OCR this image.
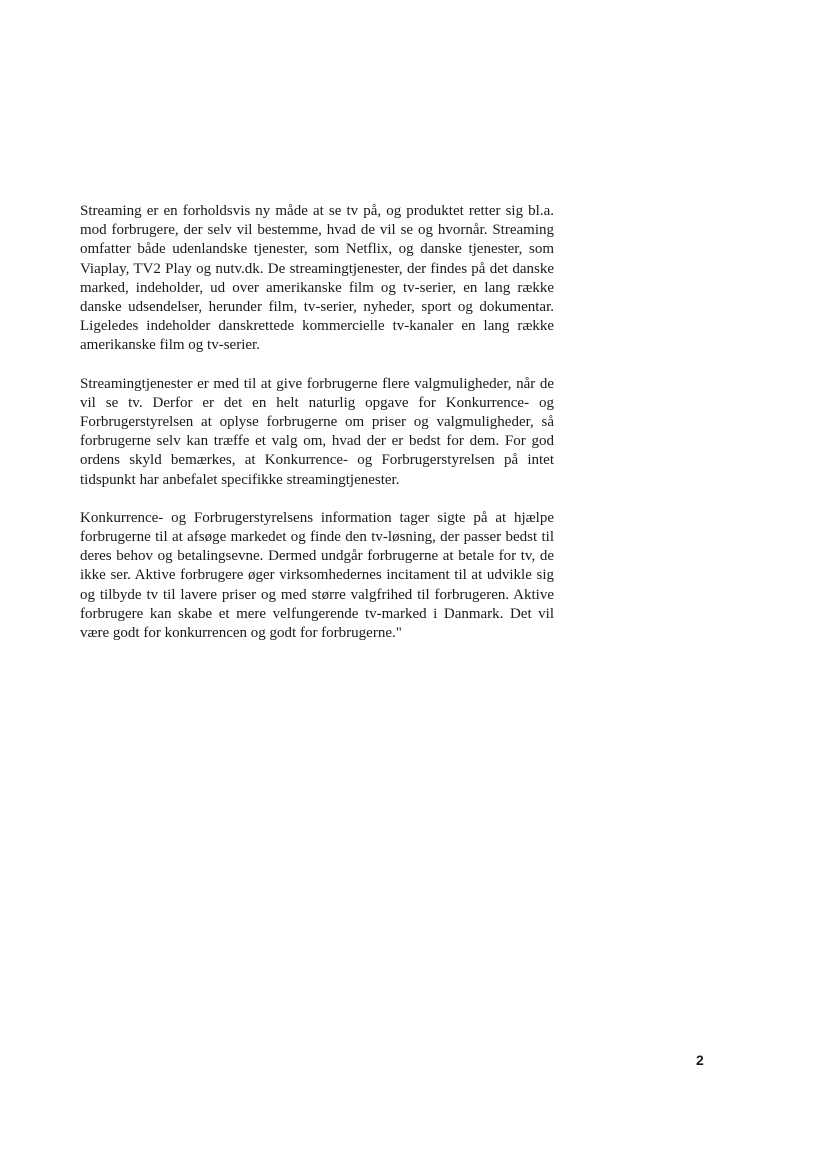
Streaming er en forholdsvis ny måde at se tv på, og produktet retter sig bl.a. mod forbrugere, der selv vil bestemme, hvad de vil se og hvornår. Streaming omfatter både udenlandske tjenester, som Netflix, og danske tjenester, som Viaplay, TV2 Play og nutv.dk. De streamingtjenester, der findes på det danske marked, indeholder, ud over amerikanske film og tv-serier, en lang række danske udsendelser, herunder film, tv-serier, nyheder, sport og dokumentar. Ligeledes indeholder danskrettede kommercielle tv-kanaler en lang række amerikanske film og tv-serier.

Streamingtjenester er med til at give forbrugerne flere valgmuligheder, når de vil se tv. Derfor er det en helt naturlig opgave for Konkurrence- og Forbrugerstyrelsen at oplyse forbrugerne om priser og valgmuligheder, så forbrugerne selv kan træffe et valg om, hvad der er bedst for dem. For god ordens skyld bemærkes, at Konkurrence- og Forbrugerstyrelsen på intet tidspunkt har anbefalet specifikke streamingtjenester.

Konkurrence- og Forbrugerstyrelsens information tager sigte på at hjælpe forbrugerne til at afsøge markedet og finde den tv-løsning, der passer bedst til deres behov og betalingsevne. Dermed undgår forbrugerne at betale for tv, de ikke ser. Aktive forbrugere øger virksomhedernes incitament til at udvikle sig og tilbyde tv til lavere priser og med større valgfrihed til forbrugeren. Aktive forbrugere kan skabe et mere velfungerende tv-marked i Danmark. Det vil være godt for konkurrencen og godt for forbrugerne."

2
